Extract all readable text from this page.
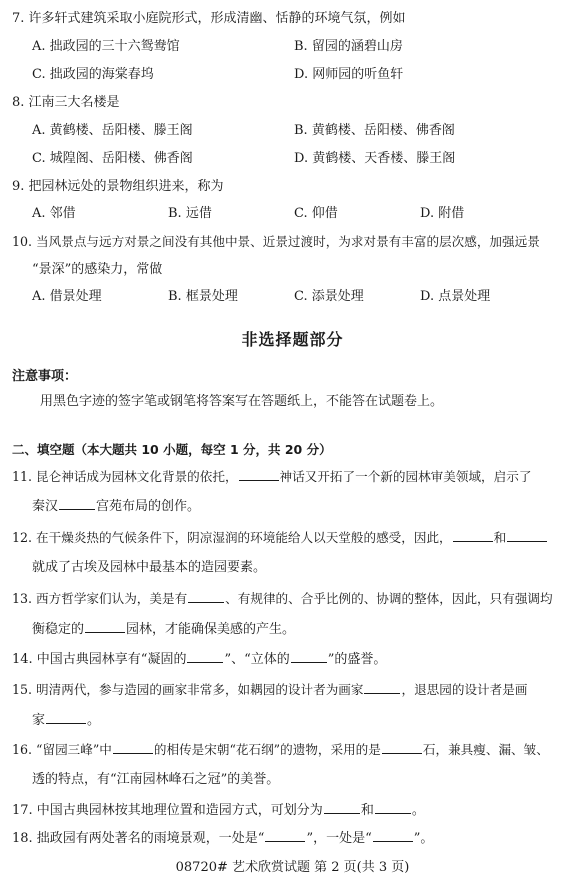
7. 许多轩式建筑采取小庭院形式，形成清幽、恬静的环境气氛，例如
A. 拙政园的三十六鸳鸯馆	B. 留园的涵碧山房
C. 拙政园的海棠春坞	D. 网师园的听鱼轩
8. 江南三大名楼是
A. 黄鹤楼、岳阳楼、滕王阁	B. 黄鹤楼、岳阳楼、佛香阁
C. 城隍阁、岳阳楼、佛香阁	D. 黄鹤楼、天香楼、滕王阁
9. 把园林远处的景物组织进来，称为
A. 邻借	B. 远借	C. 仰借	D. 附借
10. 当风景点与远方对景之间没有其他中景、近景过渡时，为求对景有丰富的层次感，加强远景
“景深”的感染力，常做
A. 借景处理	B. 框景处理	C. 添景处理	D. 点景处理
非选择题部分
注意事项：
用黑色字迹的签字笔或钢笔将答案写在答题纸上，不能答在试题卷上。
二、填空题（本大题共 10 小题，每空 1 分，共 20 分）
11. 昆仑神话成为园林文化背景的依托，	神话又开拓了一个新的园林审美领域，启示了
秦汉	宫苑布局的创作。
12. 在干燥炎热的气候条件下，阴凉湿润的环境能给人以天堂般的感受，因此，	和
就成了古埃及园林中最基本的造园要素。
13. 西方哲学家们认为，美是有	、有规律的、合乎比例的、协调的整体，因此，只有强调均
衡稳定的	园林，才能确保美感的产生。
14. 中国古典园林享有“凝固的	”、“立体的	”的盛誉。
15. 明清两代，参与造园的画家非常多，如耦园的设计者为画家	，退思园的设计者是画
家	。
16. “留园三峰”中	的相传是宋朝“花石纲”的遗物，采用的是	石，兼具瘦、漏、皱、
透的特点，有“江南园林峰石之冠”的美誉。
17. 中国古典园林按其地理位置和造园方式，可划分为	和	。
18. 拙政园有两处著名的雨境景观，一处是“	”，一处是“	”。
08720# 艺术欣赏试题 第 2 页(共 3 页)
